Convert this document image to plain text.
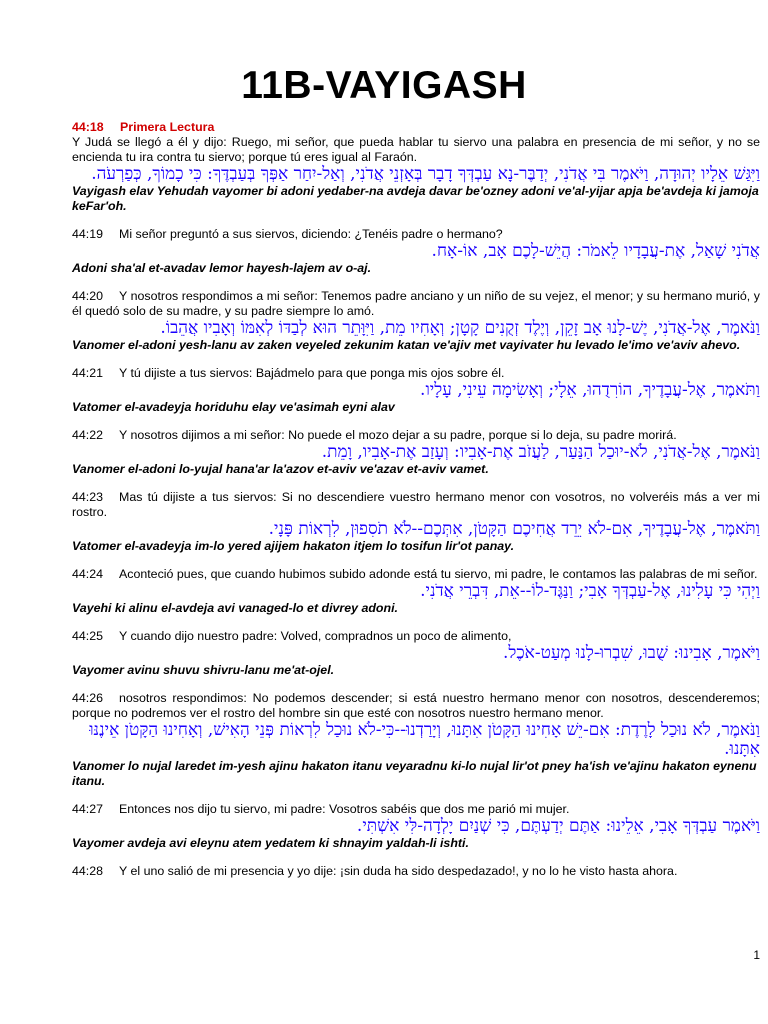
11B-VAYIGASH

44:18 Primera Lectura
Y Judá se llegó a él y dijo: Ruego, mi señor, que pueda hablar tu siervo una palabra en presencia de mi señor, y no se encienda tu ira contra tu siervo; porque tú eres igual al Faraón.

וַיִּגַּשׁ אֵלָיו יְהוּדָה, וַיֹּאמֶר בִּי אֲדֹנִי, יְדַבֶּר-נָא עַבְדְּךָ דָבָר בְּאָזְנֵי אֲדֹנִי, וְאַל-יִחַר אַפְּךָ בְּעַבְדֶּךָ: כִּי כָמוֹךָ, כְּפַרְעֹה.

Vayigash elav Yehudah vayomer bi adoni yedaber-na avdeja davar be'ozney adoni ve'al-yijar apja be'avdeja ki jamoja keFar'oh.

44:19 Mi señor preguntó a sus siervos, diciendo: ¿Tenéis padre o hermano?

אֲדֹנִי שָׁאַל, אֶת-עֲבָדָיו לֵאמֹר: הֲיֵשׁ-לָכֶם אָב, אוֹ-אָח.

Adoni sha'al et-avadav lemor hayesh-lajem av o-aj.

44:20 Y nosotros respondimos a mi señor: Tenemos padre anciano y un niño de su vejez, el menor; y su hermano murió, y él quedó solo de su madre, y su padre siempre lo amó.

וַנֹּאמֶר, אֶל-אֲדֹנִי, יֶשׁ-לָנוּ אָב זָקֵן, וְיֶלֶד זְקֻנִים קָטָן; וְאָחִיו מֵת, וַיִּוָּתֵר הוּא לְבַדּוֹ לְאִמּוֹ וְאָבִיו אֲהֵבוֹ.

Vanomer el-adoni yesh-lanu av zaken veyeled zekunim katan ve'ajiv met vayivater hu levado le'imo ve'aviv ahevo.

44:21 Y tú dijiste a tus siervos: Bajádmelo para que ponga mis ojos sobre él.

וַתֹּאמֶר, אֶל-עֲבָדֶיךָ, הוֹרִדֻהוּ, אֵלָי; וְאָשִׂימָה עֵינִי, עָלָיו.

Vatomer el-avadeyja horiduhu elay ve'asimah eyni alav

44:22 Y nosotros dijimos a mi señor: No puede el mozo dejar a su padre, porque si lo deja, su padre morirá.

וַנֹּאמֶר, אֶל-אֲדֹנִי, לֹא-יוּכַל הַנַּעַר, לַעֲזֹב אֶת-אָבִיו: וְעָזַב אֶת-אָבִיו, וָמֵת.

Vanomer el-adoni lo-yujal hana'ar la'azov et-aviv ve'azav et-aviv vamet.

44:23 Mas tú dijiste a tus siervos: Si no descendiere vuestro hermano menor con vosotros, no volveréis más a ver mi rostro.

וַתֹּאמֶר, אֶל-עֲבָדֶיךָ, אִם-לֹא יֵרֵד אֲחִיכֶם הַקָּטֹן, אִתְּכֶם--לֹא תֹסִפוּן, לִרְאוֹת פָּנָי.

Vatomer el-avadeyja im-lo yered ajijem hakaton itjem lo tosifun lir'ot panay.

44:24 Aconteció pues, que cuando hubimos subido adonde está tu siervo, mi padre, le contamos las palabras de mi señor.

וַיְהִי כִּי עָלִינוּ, אֶל-עַבְדְּךָ אָבִי; וַנַּגֶּד-לוֹ--אֵת, דִּבְרֵי אֲדֹנִי.

Vayehi ki alinu el-avdeja avi vanaged-lo et divrey adoni.

44:25 Y cuando dijo nuestro padre: Volved, compradnos un poco de alimento,

וַיֹּאמֶר, אָבִינוּ: שֻׁבוּ, שִׁבְרוּ-לָנוּ מְעַט-אֹכֶל.

Vayomer avinu shuvu shivru-lanu me'at-ojel.

44:26 nosotros respondimos: No podemos descender; si está nuestro hermano menor con nosotros, descenderemos; porque no podremos ver el rostro del hombre sin que esté con nosotros nuestro hermano menor.

וַנֹּאמֶר, לֹא נוּכַל לָרֶדֶת: אִם-יֵשׁ אָחִינוּ הַקָּטֹן אִתָּנוּ, וְיָרַדְנוּ--כִּי-לֹא נוּכַל לִרְאוֹת פְּנֵי הָאִישׁ, וְאָחִינוּ הַקָּטֹן אֵינֶנּוּ אִתָּנוּ.

Vanomer lo nujal laredet im-yesh ajinu hakaton itanu veyaradnu ki-lo nujal lir'ot pney ha'ish ve'ajinu hakaton eynenu itanu.

44:27 Entonces nos dijo tu siervo, mi padre: Vosotros sabéis que dos me parió mi mujer.

וַיֹּאמֶר עַבְדְּךָ אָבִי, אֵלֵינוּ: אַתֶּם יְדַעְתֶּם, כִּי שְׁנַיִם יָלְדָה-לִּי אִשְׁתִּי.

Vayomer avdeja avi eleynu atem yedatem ki shnayim yaldah-li ishti.

44:28 Y el uno salió de mi presencia y yo dije: ¡sin duda ha sido despedazado!, y no lo he visto hasta ahora.

1
